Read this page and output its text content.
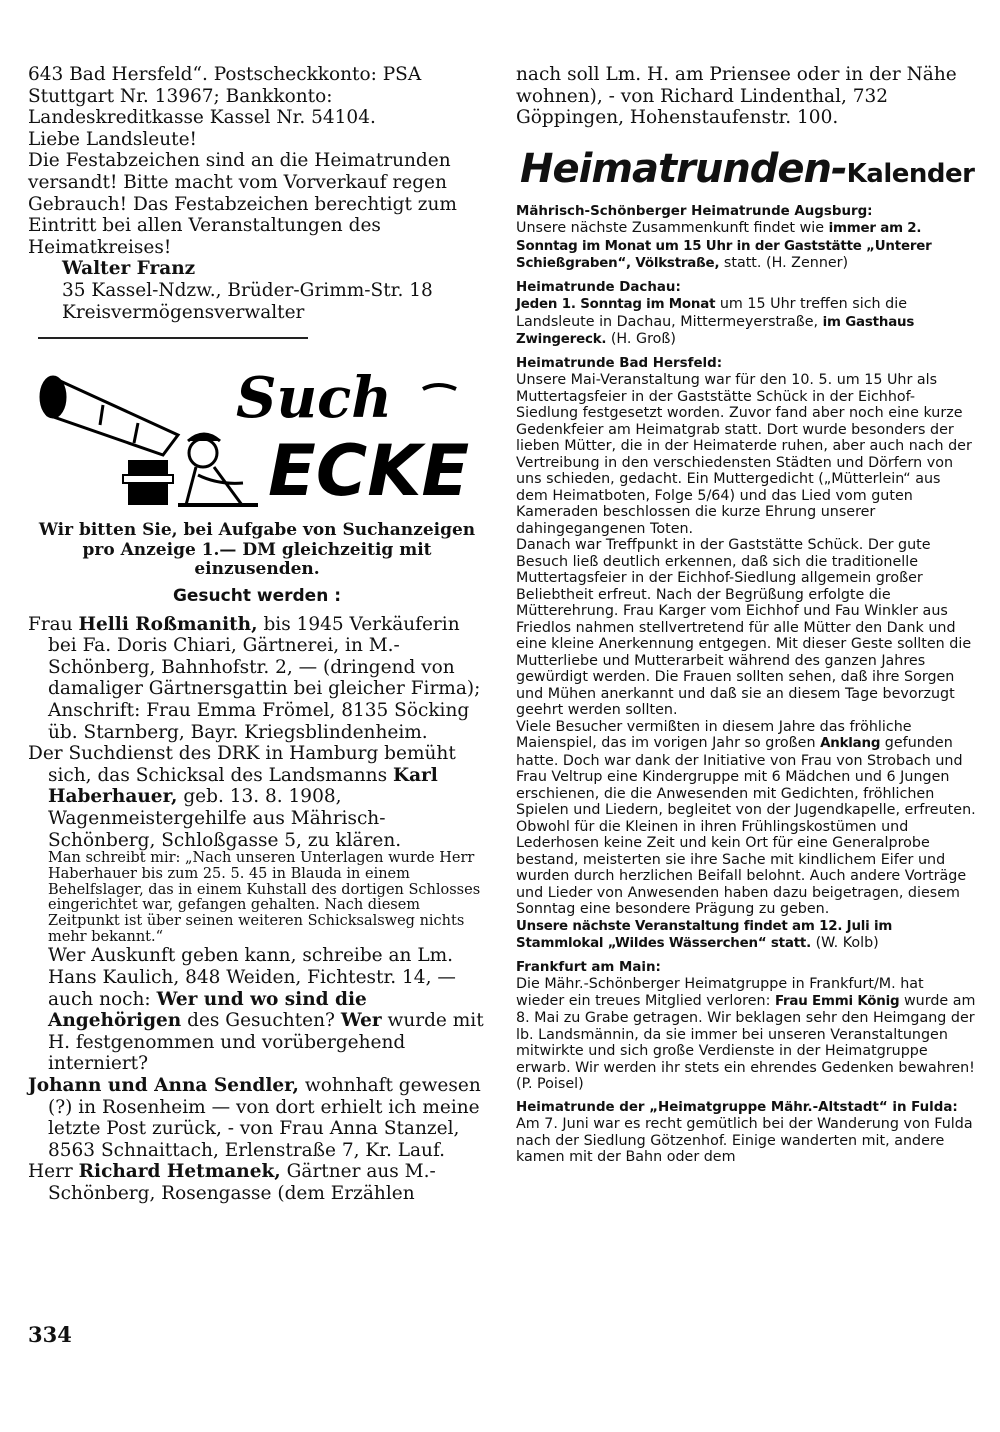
643 Bad Hersfeld“. Postscheckkonto: PSA Stuttgart Nr. 13967; Bankkonto: Landeskreditkasse Kassel Nr. 54104.

Liebe Landsleute!

Die Festabzeichen sind an die Heimatrunden versandt! Bitte macht vom Vorverkauf regen Gebrauch! Das Festabzeichen berechtigt zum Eintritt bei allen Veranstaltungen des Heimatkreises!

Walter Franz

35 Kassel-Ndzw., Brüder-Grimm-Str. 18

Kreisvermögensverwalter

Such
ECKE

Wir bitten Sie, bei Aufgabe von Suchanzeigen pro Anzeige 1.— DM gleichzeitig mit einzusenden.

Gesucht werden :

Frau Helli Roßmanith, bis 1945 Verkäuferin bei Fa. Doris Chiari, Gärtnerei, in M.-Schönberg, Bahnhofstr. 2, — (dringend von damaliger Gärtnersgattin bei gleicher Firma); Anschrift: Frau Emma Frömel, 8135 Söcking üb. Starnberg, Bayr. Kriegsblindenheim.

Der Suchdienst des DRK in Hamburg bemüht sich, das Schicksal des Landsmanns Karl Haberhauer, geb. 13. 8. 1908, Wagenmeistergehilfe aus Mährisch-Schönberg, Schloßgasse 5, zu klären.

Man schreibt mir: „Nach unseren Unterlagen wurde Herr Haberhauer bis zum 25. 5. 45 in Blauda in einem Behelfslager, das in einem Kuhstall des dortigen Schlosses eingerichtet war, gefangen gehalten. Nach diesem Zeitpunkt ist über seinen weiteren Schicksalsweg nichts mehr bekannt.“

Wer Auskunft geben kann, schreibe an Lm. Hans Kaulich, 848 Weiden, Fichtestr. 14, — auch noch: Wer und wo sind die Angehörigen des Gesuchten? Wer wurde mit H. festgenommen und vorübergehend interniert?

Johann und Anna Sendler, wohnhaft gewesen (?) in Rosenheim — von dort erhielt ich meine letzte Post zurück, - von Frau Anna Stanzel, 8563 Schnaittach, Erlenstraße 7, Kr. Lauf.

Herr Richard Hetmanek, Gärtner aus M.-Schönberg, Rosengasse (dem Erzählen

334

nach soll Lm. H. am Priensee oder in der Nähe wohnen), - von Richard Lindenthal, 732 Göppingen, Hohenstaufenstr. 100.

Heimatrunden-Kalender

Mährisch-Schönberger Heimatrunde Augsburg:

Unsere nächste Zusammenkunft findet wie immer am 2. Sonntag im Monat um 15 Uhr in der Gaststätte „Unterer Schießgraben“, Völkstraße, statt. (H. Zenner)

Heimatrunde Dachau:

Jeden 1. Sonntag im Monat um 15 Uhr treffen sich die Landsleute in Dachau, Mittermeyerstraße, im Gasthaus Zwingereck. (H. Groß)

Heimatrunde Bad Hersfeld:

Unsere Mai-Veranstaltung war für den 10. 5. um 15 Uhr als Muttertagsfeier in der Gaststätte Schück in der Eichhof-Siedlung festgesetzt worden. Zuvor fand aber noch eine kurze Gedenkfeier am Heimatgrab statt. Dort wurde besonders der lieben Mütter, die in der Heimaterde ruhen, aber auch nach der Vertreibung in den verschiedensten Städten und Dörfern von uns schieden, gedacht. Ein Muttergedicht („Mütterlein“ aus dem Heimatboten, Folge 5/64) und das Lied vom guten Kameraden beschlossen die kurze Ehrung unserer dahingegangenen Toten.

Danach war Treffpunkt in der Gaststätte Schück. Der gute Besuch ließ deutlich erkennen, daß sich die traditionelle Muttertagsfeier in der Eichhof-Siedlung allgemein großer Beliebtheit erfreut. Nach der Begrüßung erfolgte die Mütterehrung. Frau Karger vom Eichhof und Fau Winkler aus Friedlos nahmen stellvertretend für alle Mütter den Dank und eine kleine Anerkennung entgegen. Mit dieser Geste sollten die Mutterliebe und Mutterarbeit während des ganzen Jahres gewürdigt werden. Die Frauen sollten sehen, daß ihre Sorgen und Mühen anerkannt und daß sie an diesem Tage bevorzugt geehrt werden sollten.

Viele Besucher vermißten in diesem Jahre das fröhliche Maienspiel, das im vorigen Jahr so großen Anklang gefunden hatte. Doch war dank der Initiative von Frau von Strobach und Frau Veltrup eine Kindergruppe mit 6 Mädchen und 6 Jungen erschienen, die die Anwesenden mit Gedichten, fröhlichen Spielen und Liedern, begleitet von der Jugendkapelle, erfreuten. Obwohl für die Kleinen in ihren Frühlingskostümen und Lederhosen keine Zeit und kein Ort für eine Generalprobe bestand, meisterten sie ihre Sache mit kindlichem Eifer und wurden durch herzlichen Beifall belohnt. Auch andere Vorträge und Lieder von Anwesenden haben dazu beigetragen, diesem Sonntag eine besondere Prägung zu geben.

Unsere nächste Veranstaltung findet am 12. Juli im Stammlokal „Wildes Wässerchen“ statt. (W. Kolb)

Frankfurt am Main:

Die Mähr.-Schönberger Heimatgruppe in Frankfurt/M. hat wieder ein treues Mitglied verloren: Frau Emmi König wurde am 8. Mai zu Grabe getragen. Wir beklagen sehr den Heimgang der lb. Landsmännin, da sie immer bei unseren Veranstaltungen mitwirkte und sich große Verdienste in der Heimatgruppe erwarb. Wir werden ihr stets ein ehrendes Gedenken bewahren!

(P. Poisel)

Heimatrunde der „Heimatgruppe Mähr.-Altstadt“ in Fulda:

Am 7. Juni war es recht gemütlich bei der Wanderung von Fulda nach der Siedlung Götzenhof. Einige wanderten mit, andere kamen mit der Bahn oder dem
